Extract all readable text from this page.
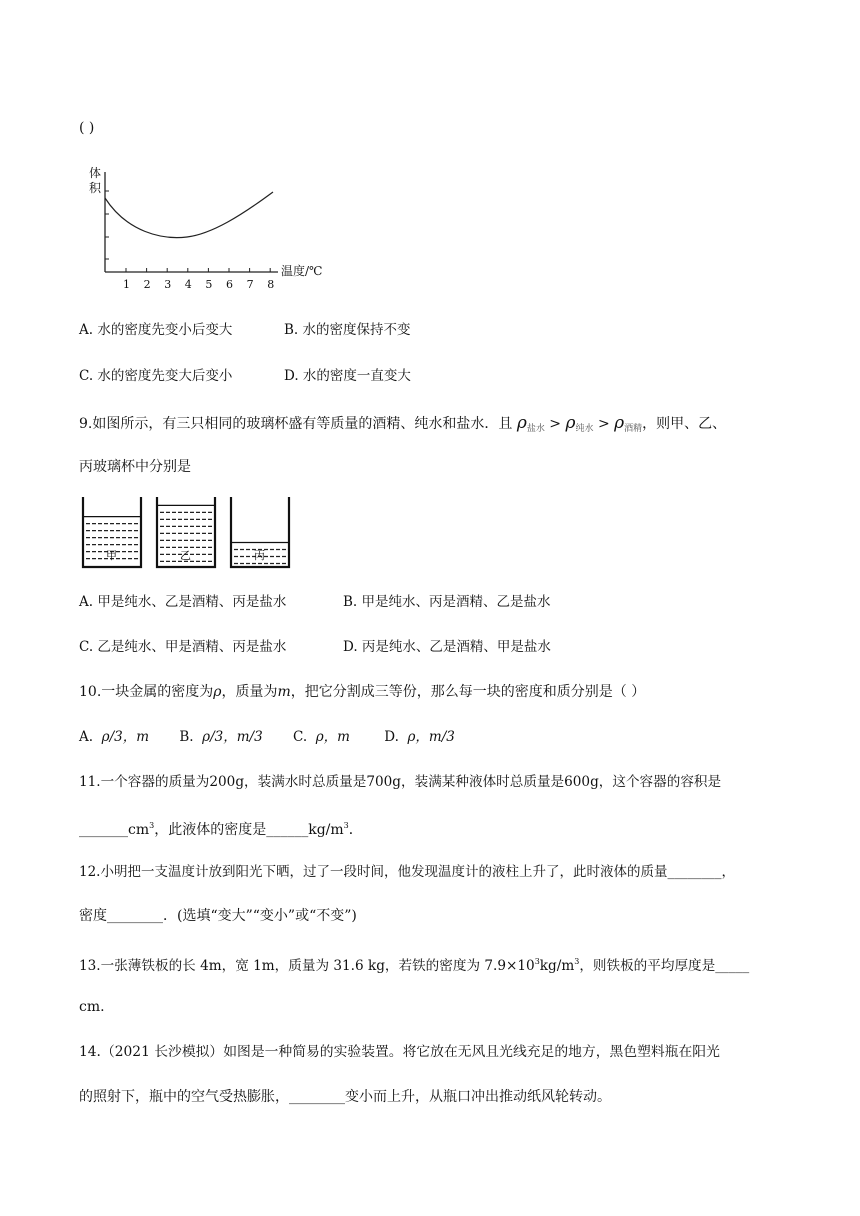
( )
体
积
温度/℃
1 2 3 4 5 6 7 8
A. 水的密度先变小后变大	B. 水的密度保持不变
C. 水的密度先变大后变小	D. 水的密度一直变大
9.如图所示，有三只相同的玻璃杯盛有等质量的酒精、纯水和盐水．且 $\rho_{盐水} > \rho_{纯水} > \rho_{酒精}$，则甲、乙、
丙玻璃杯中分别是
甲	乙	丙
A. 甲是纯水、乙是酒精、丙是盐水	B. 甲是纯水、丙是酒精、乙是盐水
C. 乙是纯水、甲是酒精、丙是盐水	D. 丙是纯水、乙是酒精、甲是盐水
10.一块金属的密度为ρ，质量为m，把它分割成三等份，那么每一块的密度和质分别是（ ）
A. ρ/3，m B. ρ/3，m/3 C. ρ，m	D. ρ，m/3
11.一个容器的质量为200g，装满水时总质量是700g，装满某种液体时总质量是600g，这个容器的容积是
$\_\_\_\_\_\_\_cm^3$，此液体的密度是$\_\_\_\_\_\_kg/m^3$．
12.小明把一支温度计放到阳光下晒，过了一段时间，他发现温度计的液柱上升了，此时液体的质量________，
密度________．(选填“变大”“变小”或“不变”)
13.一张薄铁板的长 4m，宽 1m，质量为 31.6 kg，若铁的密度为 $7.9\times 10^3kg/m^3$，则铁板的平均厚度是_____
cm.
14.（2021 长沙模拟）如图是一种简易的实验装置。将它放在无风且光线充足的地方，黑色塑料瓶在阳光
的照射下，瓶中的空气受热膨胀，________变小而上升，从瓶口冲出推动纸风轮转动。
